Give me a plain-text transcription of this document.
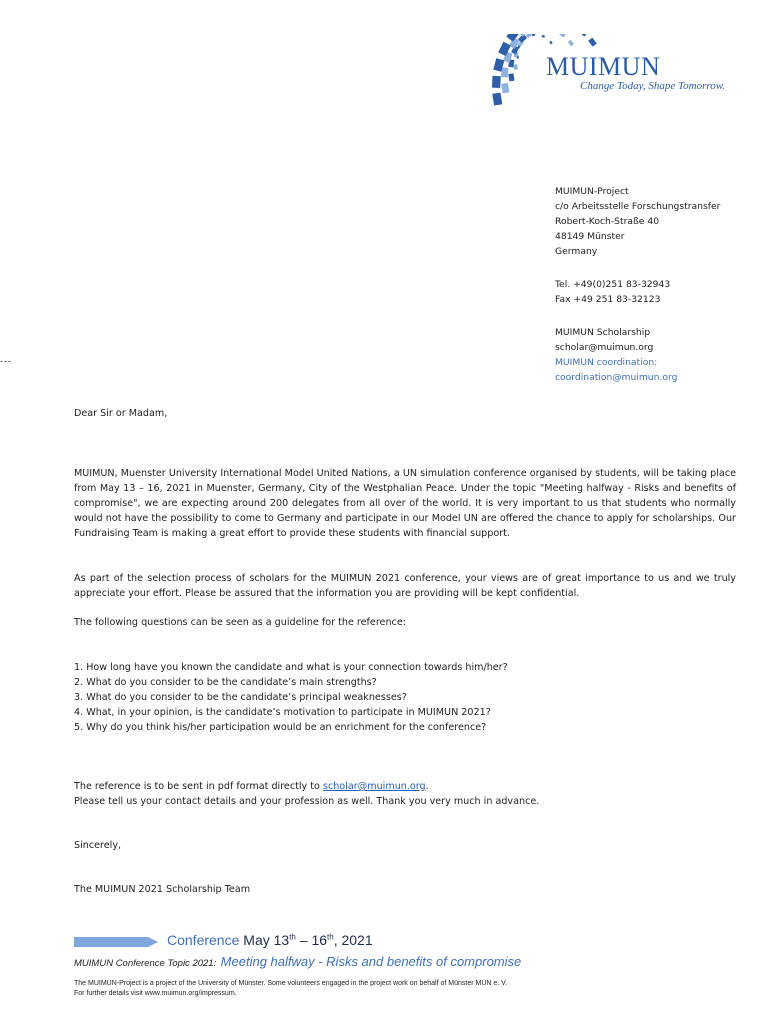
MUIMUN
Change Today, Shape Tomorrow.
MUIMUN-Project
c/o Arbeitsstelle Forschungstransfer
Robert-Koch-Straße 40
48149 Münster
Germany
Tel. +49(0)251 83-32943
Fax +49 251 83-32123
MUIMUN Scholarship
scholar@muimun.org
MUIMUN coordination:
coordination@muimun.org
---
Dear Sir or Madam,
MUIMUN, Muenster University International Model United Nations, a UN simulation conference organised by students, will be taking place from May 13 – 16, 2021 in Muenster, Germany, City of the Westphalian Peace. Under the topic "Meeting halfway - Risks and benefits of compromise", we are expecting around 200 delegates from all over of the world. It is very important to us that students who normally would not have the possibility to come to Germany and participate in our Model UN are offered the chance to apply for scholarships. Our Fundraising Team is making a great effort to provide these students with financial support.
As part of the selection process of scholars for the MUIMUN 2021 conference, your views are of great importance to us and we truly appreciate your effort. Please be assured that the information you are providing will be kept confidential.
The following questions can be seen as a guideline for the reference:
1. How long have you known the candidate and what is your connection towards him/her?
2. What do you consider to be the candidate’s main strengths?
3. What do you consider to be the candidate’s principal weaknesses?
4. What, in your opinion, is the candidate’s motivation to participate in MUIMUN 2021?
5. Why do you think his/her participation would be an enrichment for the conference?
The reference is to be sent in pdf format directly to scholar@muimun.org.
Please tell us your contact details and your profession as well. Thank you very much in advance.
Sincerely,
The MUIMUN 2021 Scholarship Team
Conference May 13th – 16th, 2021
MUIMUN Conference Topic 2021: Meeting halfway - Risks and benefits of compromise
The MUIMUN-Project is a project of the University of Münster. Some volunteers engaged in the project work on behalf of Münster MUN e. V.
For further details visit www.muimun.org/impressum.
